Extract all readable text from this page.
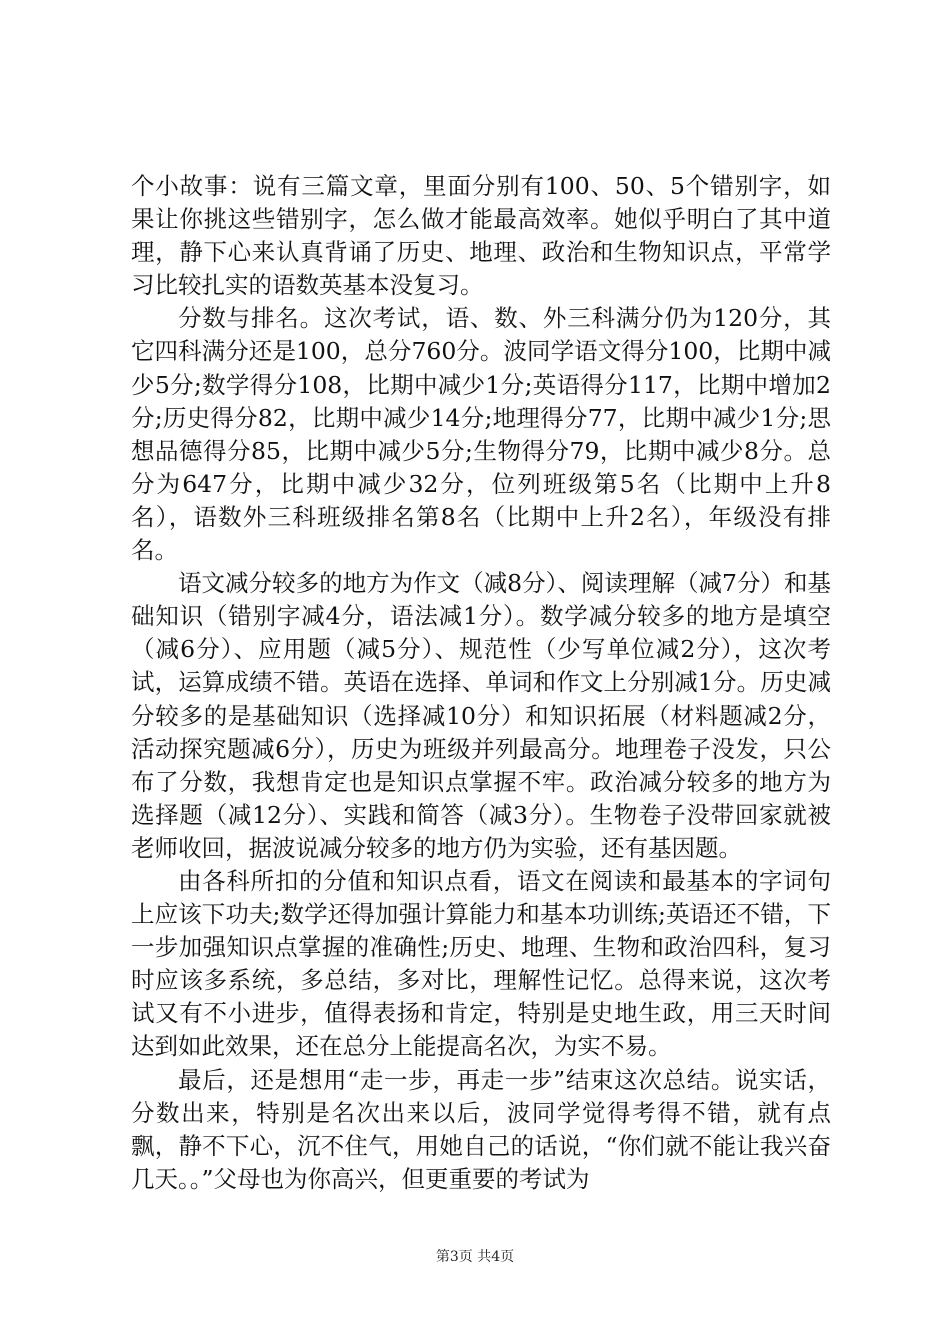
个小故事：说有三篇文章，里面分别有100、50、5个错别字，如果让你挑这些错别字，怎么做才能最高效率。她似乎明白了其中道理，静下心来认真背诵了历史、地理、政治和生物知识点，平常学习比较扎实的语数英基本没复习。

分数与排名。这次考试，语、数、外三科满分仍为120分，其它四科满分还是100，总分760分。波同学语文得分100，比期中减少5分;数学得分108，比期中减少1分;英语得分117，比期中增加2分;历史得分82，比期中减少14分;地理得分77，比期中减少1分;思想品德得分85，比期中减少5分;生物得分79，比期中减少8分。总分为647分，比期中减少32分，位列班级第5名（比期中上升8名），语数外三科班级排名第8名（比期中上升2名），年级没有排名。

语文减分较多的地方为作文（减8分）、阅读理解（减7分）和基础知识（错别字减4分，语法减1分）。数学减分较多的地方是填空（减6分）、应用题（减5分）、规范性（少写单位减2分），这次考试，运算成绩不错。英语在选择、单词和作文上分别减1分。历史减分较多的是基础知识（选择减10分）和知识拓展（材料题减2分，活动探究题减6分），历史为班级并列最高分。地理卷子没发，只公布了分数，我想肯定也是知识点掌握不牢。政治减分较多的地方为选择题（减12分）、实践和简答（减3分）。生物卷子没带回家就被老师收回，据波说减分较多的地方仍为实验，还有基因题。

由各科所扣的分值和知识点看，语文在阅读和最基本的字词句上应该下功夫;数学还得加强计算能力和基本功训练;英语还不错，下一步加强知识点掌握的准确性;历史、地理、生物和政治四科，复习时应该多系统，多总结，多对比，理解性记忆。总得来说，这次考试又有不小进步，值得表扬和肯定，特别是史地生政，用三天时间达到如此效果，还在总分上能提高名次，为实不易。

最后，还是想用“走一步，再走一步”结束这次总结。说实话，分数出来，特别是名次出来以后，波同学觉得考得不错，就有点飘，静不下心，沉不住气，用她自己的话说，“你们就不能让我兴奋几天。。”父母也为你高兴，但更重要的考试为

第3页 共4页
